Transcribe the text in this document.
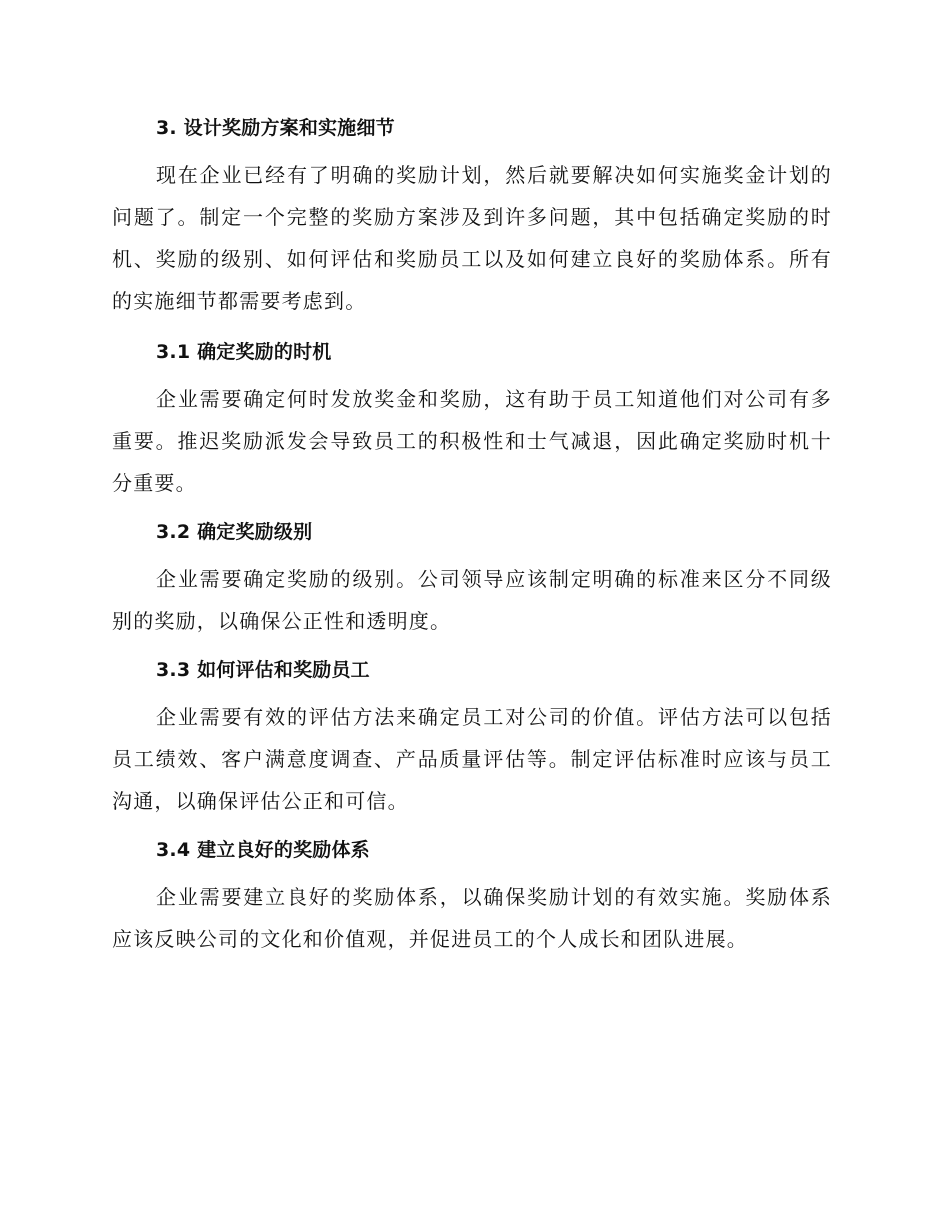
3. 设计奖励方案和实施细节

现在企业已经有了明确的奖励计划，然后就要解决如何实施奖金计划的问题了。制定一个完整的奖励方案涉及到许多问题，其中包括确定奖励的时机、奖励的级别、如何评估和奖励员工以及如何建立良好的奖励体系。所有的实施细节都需要考虑到。

3.1 确定奖励的时机

企业需要确定何时发放奖金和奖励，这有助于员工知道他们对公司有多重要。推迟奖励派发会导致员工的积极性和士气减退，因此确定奖励时机十分重要。

3.2 确定奖励级别

企业需要确定奖励的级别。公司领导应该制定明确的标准来区分不同级别的奖励，以确保公正性和透明度。

3.3 如何评估和奖励员工

企业需要有效的评估方法来确定员工对公司的价值。评估方法可以包括员工绩效、客户满意度调查、产品质量评估等。制定评估标准时应该与员工沟通，以确保评估公正和可信。

3.4 建立良好的奖励体系

企业需要建立良好的奖励体系，以确保奖励计划的有效实施。奖励体系应该反映公司的文化和价值观，并促进员工的个人成长和团队进展。
